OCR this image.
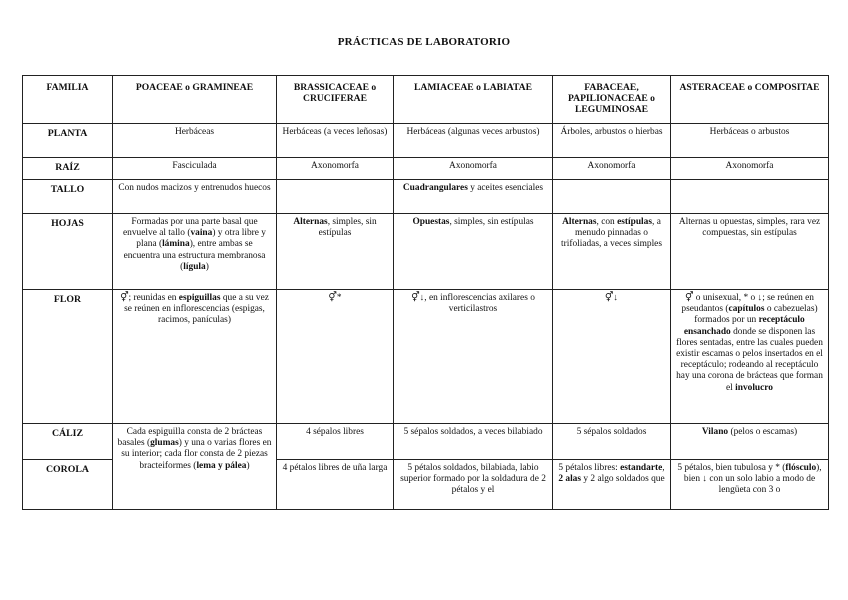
PRÁCTICAS DE LABORATORIO
FAMILIA	POACEAE o GRAMINEAE	BRASSICACEAE o CRUCIFERAE	LAMIACEAE o LABIATAE	FABACEAE, PAPILIONACEAE o LEGUMINOSAE	ASTERACEAE o COMPOSITAE
PLANTA	Herbáceas	Herbáceas (a veces leñosas)	Herbáceas (algunas veces arbustos)	Árboles, arbustos o hierbas	Herbáceas o arbustos
RAÍZ	Fasciculada	Axonomorfa	Axonomorfa	Axonomorfa	Axonomorfa
TALLO	Con nudos macizos y entrenudos huecos		Cuadrangulares y aceites esenciales		
HOJAS	Formadas por una parte basal que envuelve al tallo (vaina) y otra libre y plana (lámina), entre ambas se encuentra una estructura membranosa (lígula)	Alternas, simples, sin estípulas	Opuestas, simples, sin estípulas	Alternas, con estípulas, a menudo pinnadas o trifoliadas, a veces simples	Alternas u opuestas, simples, rara vez compuestas, sin estípulas
FLOR	⚥; reunidas en espiguillas que a su vez se reúnen en inflorescencias (espigas, racimos, panículas)	⚥*	⚥↓, en inflorescencias axilares o verticilastros	⚥↓	⚥ o unisexual, * o ↓; se reúnen en pseudantos (capítulos o cabezuelas) formados por un receptáculo ensanchado donde se disponen las flores sentadas, entre las cuales pueden existir escamas o pelos insertados en el receptáculo; rodeando al receptáculo hay una corona de brácteas que forman el involucro
CÁLIZ	Cada espiguilla consta de 2 brácteas basales (glumas) y una o varias flores en su interior; cada flor consta de 2 piezas bracteiformes (lema y pálea)	4 sépalos libres	5 sépalos soldados, a veces bilabiado	5 sépalos soldados	Vilano (pelos o escamas)
COROLA		4 pétalos libres de uña larga	5 pétalos soldados, bilabiada, labio superior formado por la soldadura de 2 pétalos y el	5 pétalos libres: estandarte, 2 alas y 2 algo soldados que	5 pétalos, bien tubulosa y * (flósculo), bien ↓ con un solo labio a modo de lengüeta con 3 o
